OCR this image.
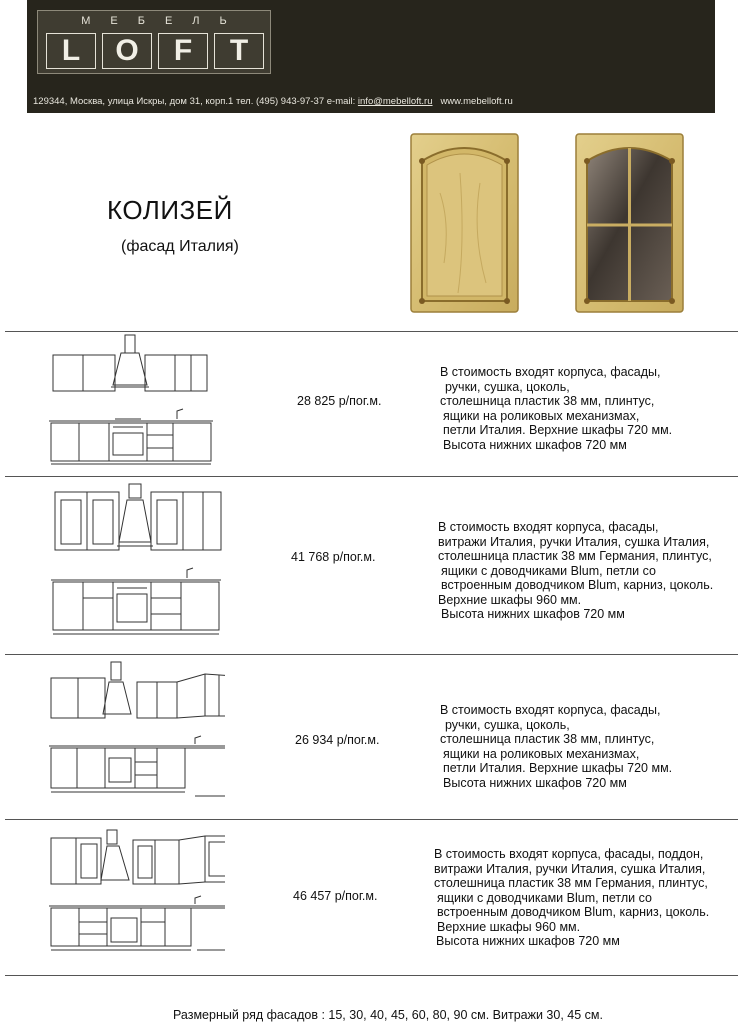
МЕБЕЛЬ
L	O	F	T
129344, Москва, улица Искры, дом 31, корп.1 тел. (495) 943-97-37 e-mail: info@mebelloft.ru www.mebelloft.ru
КОЛИЗЕЙ
(фасад Италия)
28 825 р/пог.м.
В стоимость входят корпуса, фасады,
ручки, сушка, цоколь,
столешница пластик 38 мм, плинтус,
ящики на роликовых механизмах,
петли Италия. Верхние шкафы 720 мм.
Высота нижних шкафов 720 мм
41 768 р/пог.м.
В стоимость входят корпуса, фасады,
витражи Италия, ручки Италия, сушка Италия,
столешница пластик 38 мм Германия, плинтус,
ящики с доводчиками Blum, петли со
встроенным доводчиком Blum, карниз, цоколь.
Верхние шкафы 960 мм.
Высота нижних шкафов 720 мм
26 934 р/пог.м.
В стоимость входят корпуса, фасады,
ручки, сушка, цоколь,
столешница пластик 38 мм, плинтус,
ящики на роликовых механизмах,
петли Италия. Верхние шкафы 720 мм.
Высота нижних шкафов 720 мм
46 457 р/пог.м.
В стоимость входят корпуса, фасады, поддон,
витражи Италия, ручки Италия, сушка Италия,
столешница пластик 38 мм Германия, плинтус,
ящики с доводчиками Blum, петли со
встроенным доводчиком Blum, карниз, цоколь.
Верхние шкафы 960 мм.
Высота нижних шкафов 720 мм
Размерный ряд фасадов : 15, 30, 40, 45, 60, 80, 90 см. Витражи 30, 45 см.
